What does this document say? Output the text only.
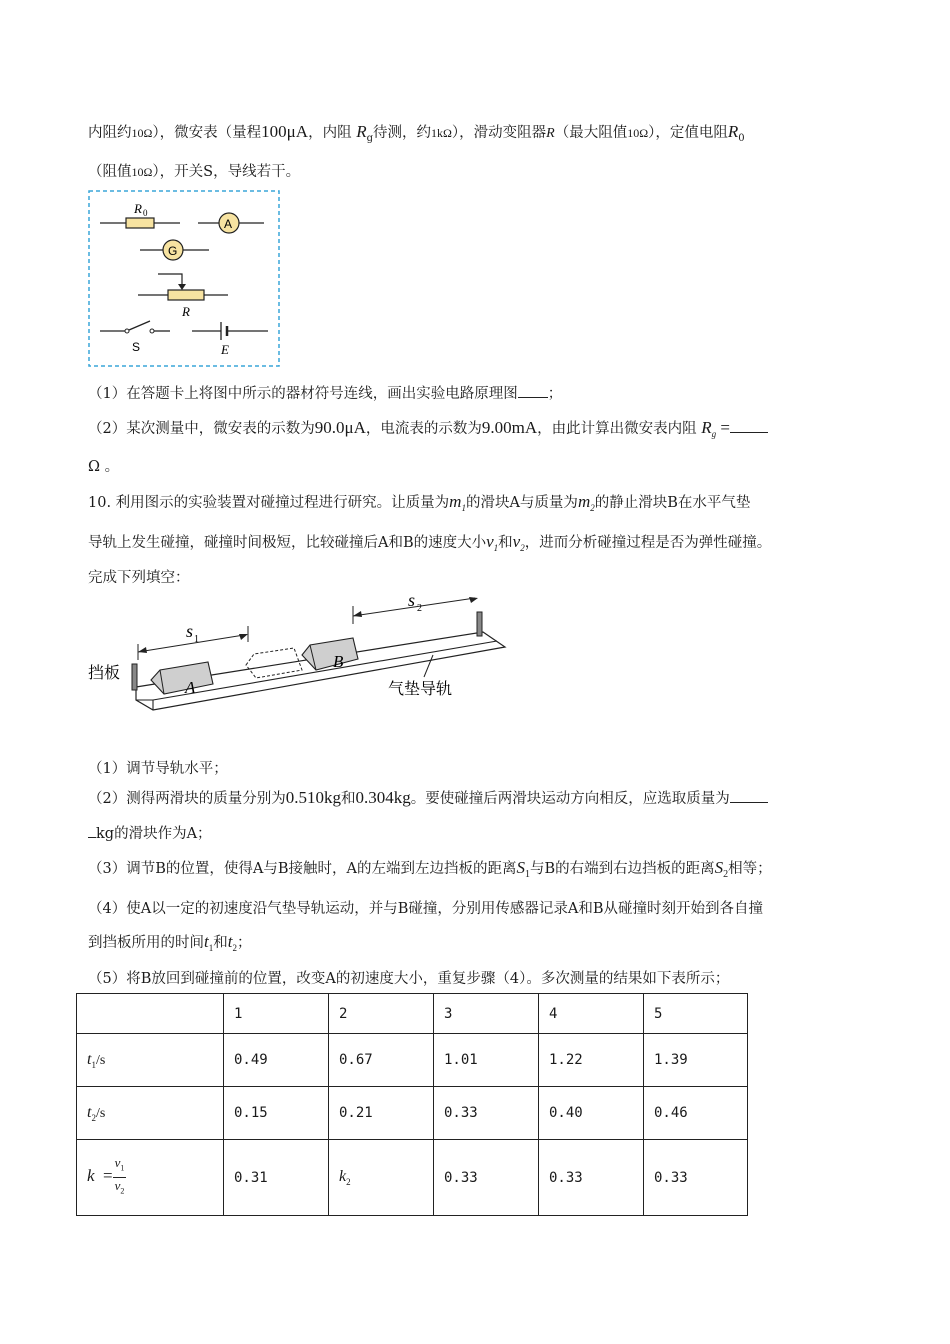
内阻约10Ω），微安表（量程100μA，内阻 $R_g$待测，约1kΩ），滑动变阻器R（最大阻值10Ω），定值电阻$R_0$
（阻值10Ω），开关S，导线若干。
R 0
A
G
R
S	E
（1）在答题卡上将图中所示的器材符号连线，画出实验电路原理图 ；
（2）某次测量中，微安表的示数为90.0μA，电流表的示数为9.00mA，由此计算出微安表内阻 $R_g$ =
Ω 。
10. 利用图示的实验装置对碰撞过程进行研究。让质量为$m_1$的滑块A与质量为$m_2$的静止滑块B在水平气垫
导轨上发生碰撞，碰撞时间极短，比较碰撞后A和B的速度大小$v_1$和$v_2$，进而分析碰撞过程是否为弹性碰撞。
完成下列填空：
A
B
s 1
s 2
挡板
气垫导轨
（1）调节导轨水平；
（2）测得两滑块的质量分别为0.510kg和0.304kg。要使碰撞后两滑块运动方向相反，应选取质量为
kg的滑块作为A；
（3）调节B的位置，使得A与B接触时，A的左端到左边挡板的距离$S_1$与B的右端到右边挡板的距离$S_2$相等；
（4）使A以一定的初速度沿气垫导轨运动，并与B碰撞，分别用传感器记录A和B从碰撞时刻开始到各自撞
到挡板所用的时间$t_1$和$t_2$；
（5）将B放回到碰撞前的位置，改变A的初速度大小，重复步骤（4）。多次测量的结果如下表所示；
	1	2	3	4	5
$t_1/s$	0.49	0.67	1.01	1.22	1.39
$t_2/s$	0.15	0.21	0.33	0.40	0.46
$k = \frac{v_1}{v_2}$	0.31	$k_2$	0.33	0.33	0.33
